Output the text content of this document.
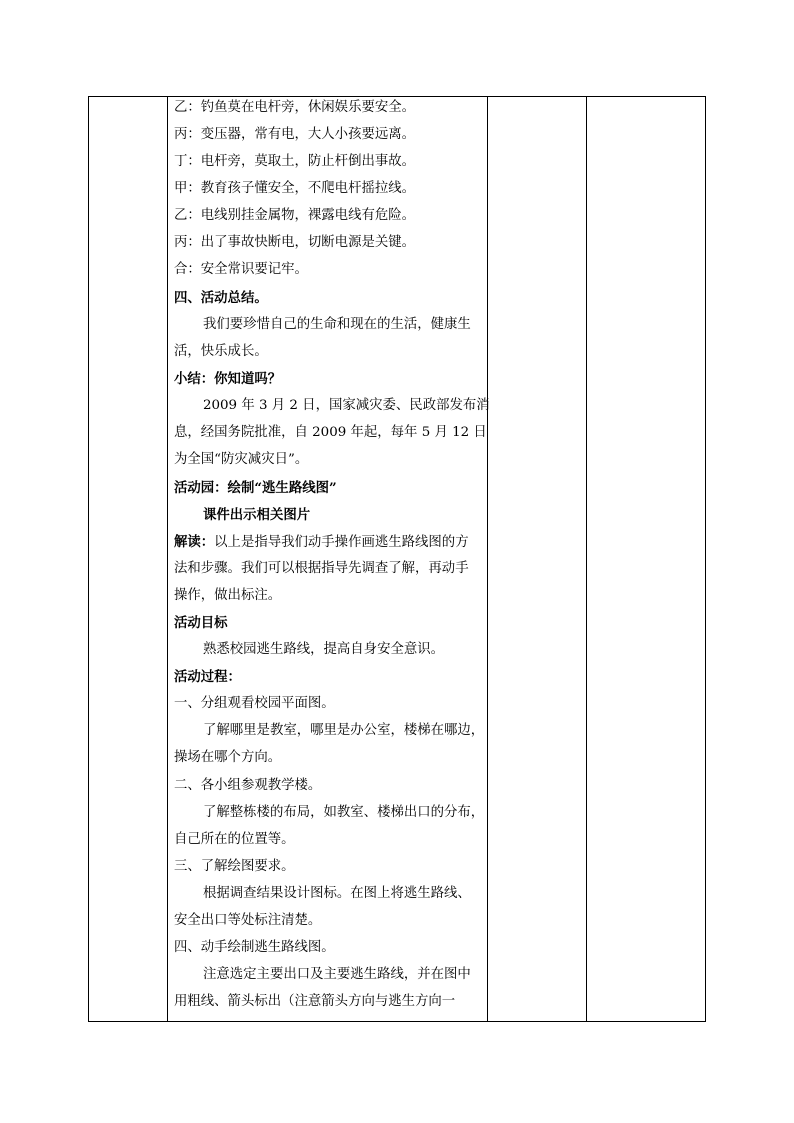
乙：钓鱼莫在电杆旁，休闲娱乐要安全。
丙：变压器，常有电，大人小孩要远离。
丁：电杆旁，莫取土，防止杆倒出事故。
甲：教育孩子懂安全，不爬电杆摇拉线。
乙：电线别挂金属物，裸露电线有危险。
丙：出了事故快断电，切断电源是关键。
合：安全常识要记牢。
四、活动总结。
我们要珍惜自己的生命和现在的生活，健康生
活，快乐成长。
小结：你知道吗？
2009 年 3 月 2 日，国家减灾委、民政部发布消
息，经国务院批准，自 2009 年起，每年 5 月 12 日
为全国“防灾减灾日”。
活动园：绘制“逃生路线图”
课件出示相关图片
解读：以上是指导我们动手操作画逃生路线图的方
法和步骤。我们可以根据指导先调查了解，再动手
操作，做出标注。
活动目标
熟悉校园逃生路线，提高自身安全意识。
活动过程：
一、分组观看校园平面图。
了解哪里是教室，哪里是办公室，楼梯在哪边，
操场在哪个方向。
二、各小组参观教学楼。
了解整栋楼的布局，如教室、楼梯出口的分布，
自己所在的位置等。
三、了解绘图要求。
根据调查结果设计图标。在图上将逃生路线、
安全出口等处标注清楚。
四、动手绘制逃生路线图。
注意选定主要出口及主要逃生路线，并在图中
用粗线、箭头标出（注意箭头方向与逃生方向一
